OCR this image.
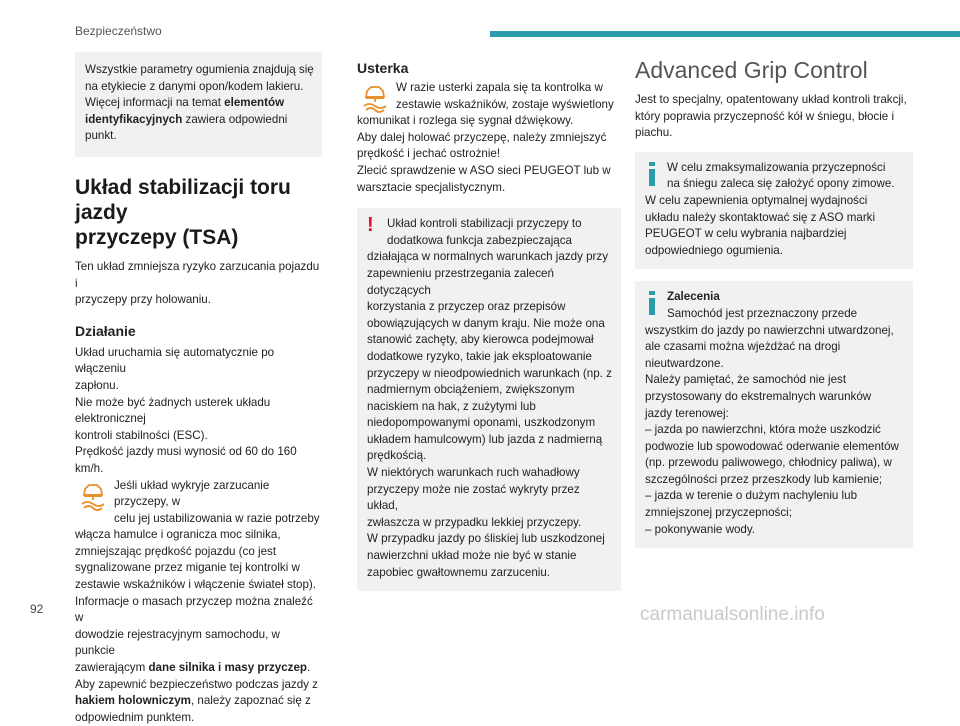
Bezpieczeństwo
Wszystkie parametry ogumienia znajdują się
na etykiecie z danymi opon/kodem lakieru.
Więcej informacji na temat elementów
identyfikacyjnych zawiera odpowiedni punkt.
Układ stabilizacji toru jazdy
przyczepy (TSA)
Ten układ zmniejsza ryzyko zarzucania pojazdu i
przyczepy przy holowaniu.
Działanie
Układ uruchamia się automatycznie po włączeniu
zapłonu.
Nie może być żadnych usterek układu elektronicznej
kontroli stabilności (ESC).
Prędkość jazdy musi wynosić od 60 do 160 km/h.
Jeśli układ wykryje zarzucanie przyczepy, w
celu jej ustabilizowania w razie potrzeby
włącza hamulce i ogranicza moc silnika,
zmniejszając prędkość pojazdu (co jest
sygnalizowane przez miganie tej kontrolki w
zestawie wskaźników i włączenie świateł stop).
Informacje o masach przyczep można znaleźć w
dowodzie rejestracyjnym samochodu, w punkcie
zawierającym dane silnika i masy przyczep.
Aby zapewnić bezpieczeństwo podczas jazdy z
hakiem holowniczym, należy zapoznać się z
odpowiednim punktem.
Usterka
W razie usterki zapala się ta kontrolka w
zestawie wskaźników, zostaje wyświetlony
komunikat i rozlega się sygnał dźwiękowy.
Aby dalej holować przyczepę, należy zmniejszyć
prędkość i jechać ostrożnie!
Zlecić sprawdzenie w ASO sieci PEUGEOT lub w
warsztacie specjalistycznym.
!	Układ kontroli stabilizacji przyczepy to
dodatkowa funkcja zabezpieczająca
działająca w normalnych warunkach jazdy przy
zapewnieniu przestrzegania zaleceń dotyczących
korzystania z przyczep oraz przepisów
obowiązujących w danym kraju. Nie może ona
stanowić zachęty, aby kierowca podejmował
dodatkowe ryzyko, takie jak eksploatowanie
przyczepy w nieodpowiednich warunkach (np. z
nadmiernym obciążeniem, zwiększonym
naciskiem na hak, z zużytymi lub
niedopompowanymi oponami, uszkodzonym
układem hamulcowym) lub jazda z nadmierną
prędkością.
W niektórych warunkach ruch wahadłowy
przyczepy może nie zostać wykryty przez układ,
zwłaszcza w przypadku lekkiej przyczepy.
W przypadku jazdy po śliskiej lub uszkodzonej
nawierzchni układ może nie być w stanie
zapobiec gwałtownemu zarzuceniu.
Advanced Grip Control
Jest to specjalny, opatentowany układ kontroli trakcji,
który poprawia przyczepność kół w śniegu, błocie i
piachu.
W celu zmaksymalizowania przyczepności
na śniegu zaleca się założyć opony zimowe.
W celu zapewnienia optymalnej wydajności
układu należy skontaktować się z ASO marki
PEUGEOT w celu wybrania najbardziej
odpowiedniego ogumienia.
Zalecenia
Samochód jest przeznaczony przede
wszystkim do jazdy po nawierzchni utwardzonej,
ale czasami można wjeżdżać na drogi
nieutwardzone.
Należy pamiętać, że samochód nie jest
przystosowany do ekstremalnych warunków
jazdy terenowej:
– jazda po nawierzchni, która może uszkodzić
podwozie lub spowodować oderwanie elementów
(np. przewodu paliwowego, chłodnicy paliwa), w
szczególności przez przeszkody lub kamienie;
– jazda w terenie o dużym nachyleniu lub
zmniejszonej przyczepności;
– pokonywanie wody.
92	carmanualsonline.info
